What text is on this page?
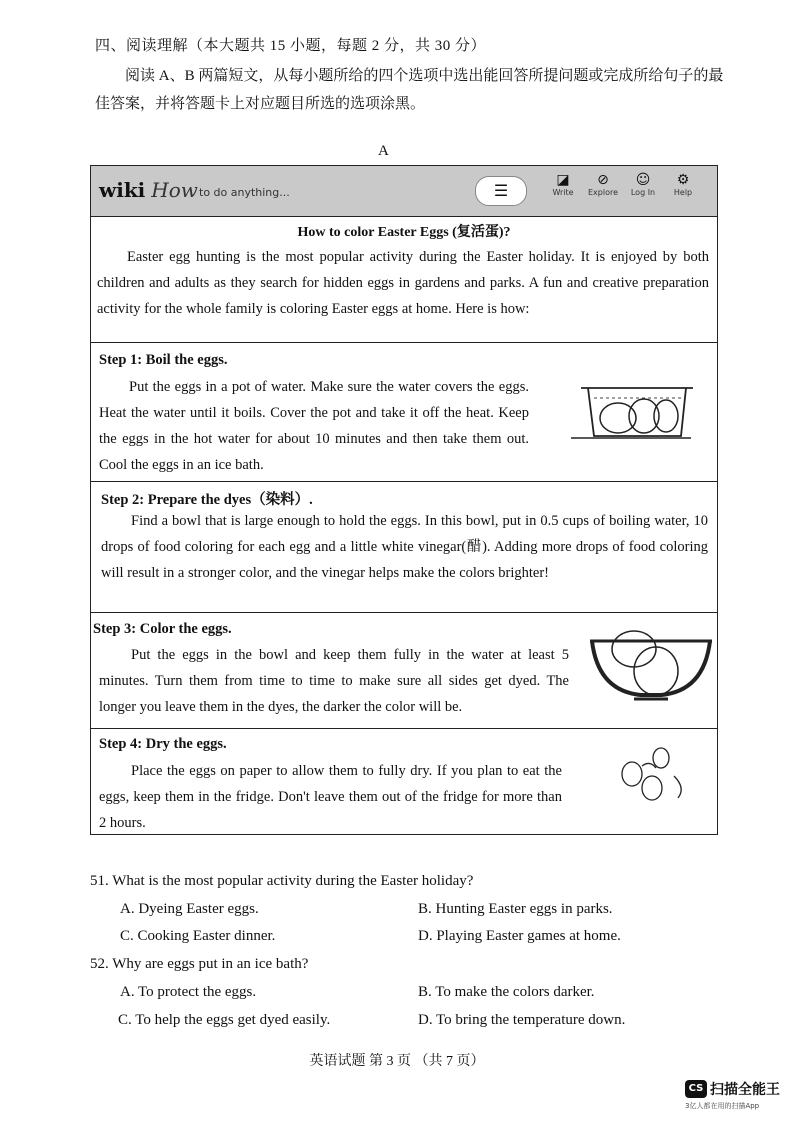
四、阅读理解（本大题共 15 小题，每题 2 分，共 30 分）
阅读 A、B 两篇短文，从每小题所给的四个选项中选出能回答所提问题或完成所给句子的最佳答案，并将答题卡上对应题目所选的选项涂黑。
A
wiki How to do anything...	☰
◪
Write
⊘
Explore
☺
Log In
⚙
Help
How to color Easter Eggs (复活蛋)?
Easter egg hunting is the most popular activity during the Easter holiday. It is enjoyed by both children and adults as they search for hidden eggs in gardens and parks. A fun and creative preparation activity for the whole family is coloring Easter eggs at home. Here is how:
Step 1: Boil the eggs.
Put the eggs in a pot of water. Make sure the water covers the eggs. Heat the water until it boils. Cover the pot and take it off the heat. Keep the eggs in the hot water for about 10 minutes and then take them out. Cool the eggs in an ice bath.
Step 2: Prepare the dyes（染料）.
Find a bowl that is large enough to hold the eggs. In this bowl, put in 0.5 cups of boiling water, 10 drops of food coloring for each egg and a little white vinegar(醋). Adding more drops of food coloring will result in a stronger color, and the vinegar helps make the colors brighter!
Step 3: Color the eggs.
Put the eggs in the bowl and keep them fully in the water at least 5 minutes. Turn them from time to time to make sure all sides get dyed. The longer you leave them in the dyes, the darker the color will be.
Step 4: Dry the eggs.
Place the eggs on paper to allow them to fully dry. If you plan to eat the eggs, keep them in the fridge. Don't leave them out of the fridge for more than 2 hours.
51. What is the most popular activity during the Easter holiday?
A. Dyeing Easter eggs.	B. Hunting Easter eggs in parks.
C. Cooking Easter dinner.	D. Playing Easter games at home.
52. Why are eggs put in an ice bath?
A. To protect the eggs.	B. To make the colors darker.
C. To help the eggs get dyed easily.	D. To bring the temperature down.
英语试题 第 3 页 （共 7 页）
CS 扫描全能王
3亿人都在用的扫描App
